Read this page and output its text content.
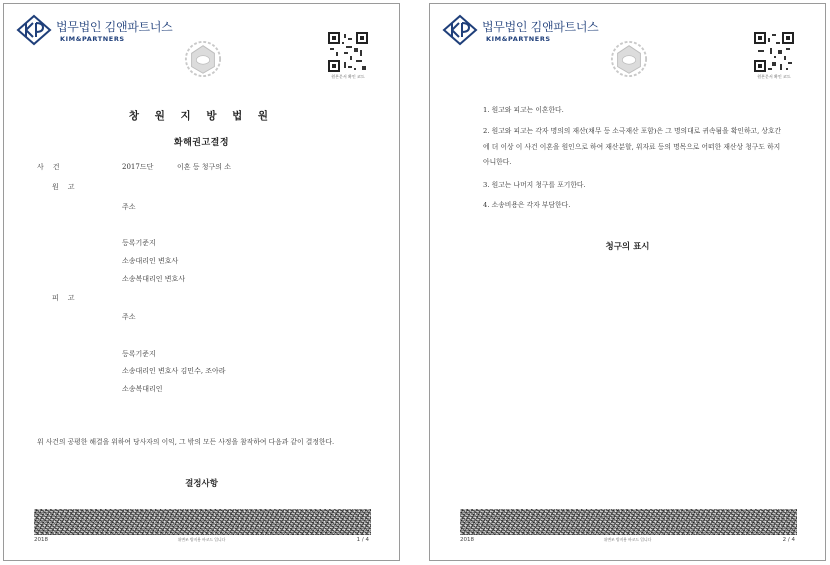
법무법인 김앤파트너스
KIM&PARTNERS
원본문서 확인 코드
창 원 지 방 법 원
화해권고결정
사건	2017드단	이혼 등 청구의 소
원고
주소
등록기준지
소송대리인 변호사
소송복대리인 변호사
피고
주소
등록기준지
소송대리인 변호사 김민수, 조아라
소송복대리인
위 사건의 공평한 해결을 위하여 당사자의 이익, 그 밖의 모든 사정을 참작하여 다음과 같이 결정한다.
결정사항
2018	위변조 방지용 바코드 입니다	1 / 4
법무법인 김앤파트너스
KIM&PARTNERS
원본문서 확인 코드
1. 원고와 피고는 이혼한다.
2. 원고와 피고는 각자 명의의 재산(채무 등 소극재산 포함)은 그 명의대로 귀속됨을 확인하고, 상호간에 더 이상 이 사건 이혼을 원인으로 하여 재산분할, 위자료 등의 명목으로 어떠한 재산상 청구도 하지 아니한다.
3. 원고는 나머지 청구를 포기한다.
4. 소송비용은 각자 부담한다.
청구의 표시
2018	위변조 방지용 바코드 입니다	2 / 4
